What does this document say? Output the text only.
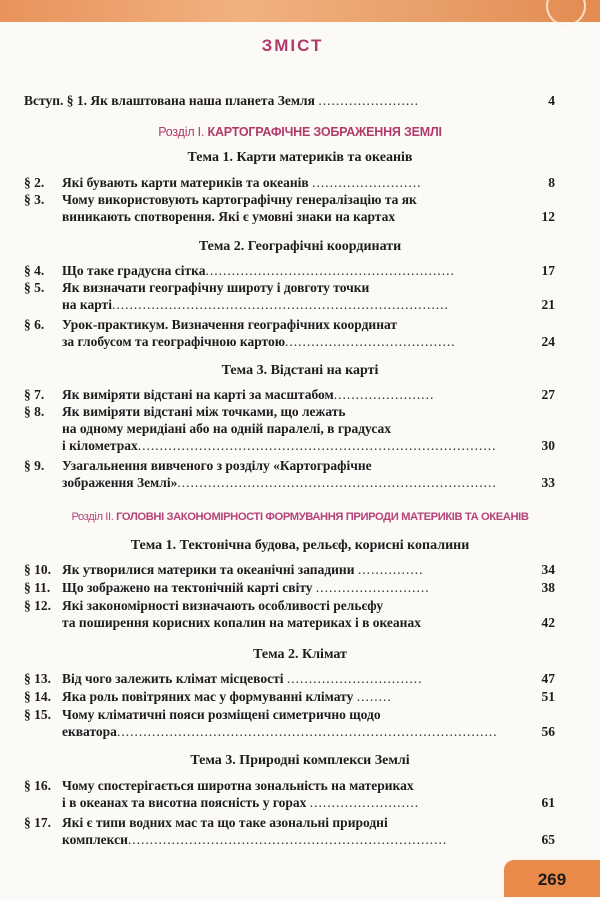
ЗМІСТ
Вступ. § 1. Як влаштована наша планета Земля .......................	4
Розділ І. КАРТОГРАФІЧНЕ ЗОБРАЖЕННЯ ЗЕМЛІ
Тема 1. Карти материків та океанів
§ 2. Які бувають карти материків та океанів .........................	8
§ 3. Чому використовують картографічну генералізацію та як
виникають спотворення. Які є умовні знаки на картах	12
Тема 2. Географічні координати
§ 4. Що таке градусна сітка.........................................................	17
§ 5. Як визначати географічну широту і довготу точки
на карті.............................................................................	21
§ 6. Урок-практикум. Визначення географічних координат
за глобусом та географічною картою.......................................	24
Тема 3. Відстані на карті
§ 7. Як виміряти відстані на карті за масштабом.......................	27
§ 8. Як виміряти відстані між точками, що лежать
на одному меридіані або на одній паралелі, в градусах
і кілометрах..................................................................................	30
§ 9. Узагальнення вивченого з розділу «Картографічне
зображення Землі».........................................................................	33
Розділ ІІ. ГОЛОВНІ ЗАКОНОМІРНОСТІ ФОРМУВАННЯ ПРИРОДИ МАТЕРИКІВ ТА ОКЕАНІВ
Тема 1. Тектонічна будова, рельєф, корисні копалини
§ 10. Як утворилися материки та океанічні западини ...............	34
§ 11. Що зображено на тектонічній карті світу ..........................	38
§ 12. Які закономірності визначають особливості рельєфу
та поширення корисних копалин на материках і в океанах	42
Тема 2. Клімат
§ 13. Від чого залежить клімат місцевості ...............................	47
§ 14. Яка роль повітряних мас у формуванні клімату ........	51
§ 15. Чому кліматичні пояси розміщені симетрично щодо
екватора.......................................................................................	56
Тема 3. Природні комплекси Землі
§ 16. Чому спостерігається широтна зональність на материках
і в океанах та висотна поясність у горах .........................	61
§ 17. Які є типи водних мас та що таке азональні природні
комплекси.........................................................................	65
269
